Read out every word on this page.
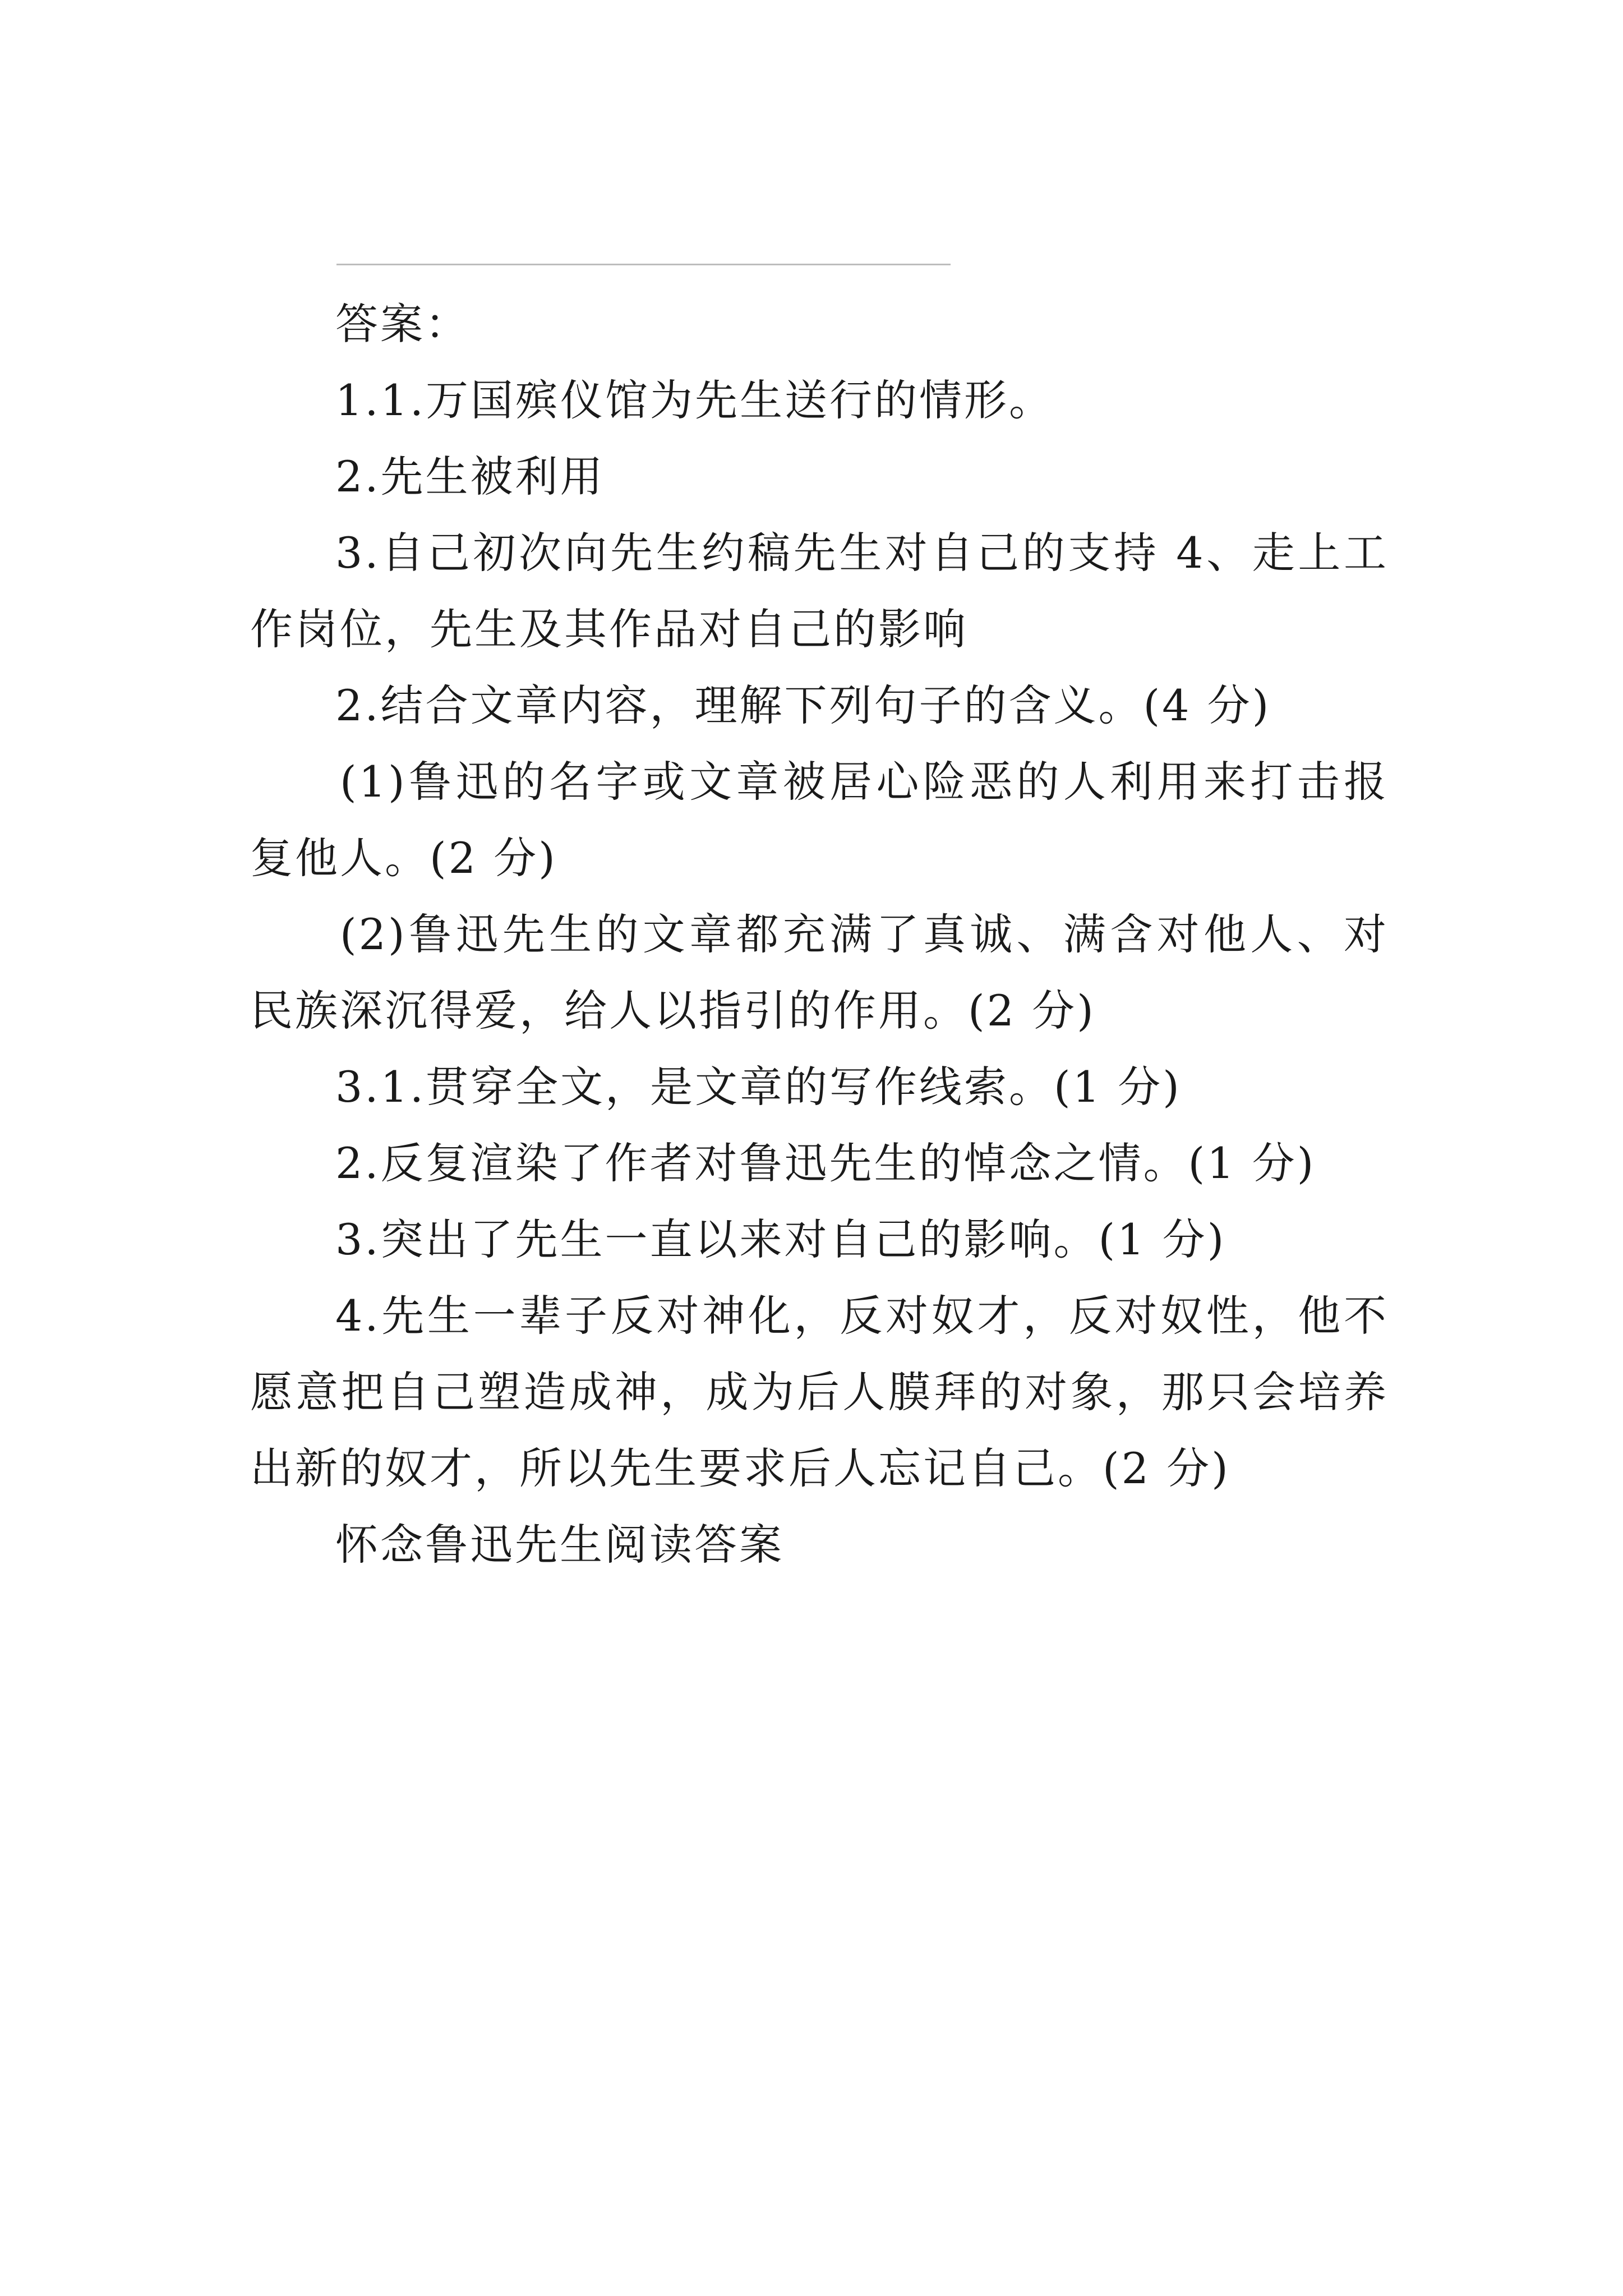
答案：

1.1.万国殡仪馆为先生送行的情形。

2.先生被利用

3.自己初次向先生约稿先生对自己的支持 4、走上工作岗位，先生及其作品对自己的影响

2.结合文章内容，理解下列句子的含义。(4 分)

(1)鲁迅的名字或文章被居心险恶的人利用来打击报复他人。(2 分)

(2)鲁迅先生的文章都充满了真诚、满含对他人、对民族深沉得爱，给人以指引的作用。(2 分)

3.1.贯穿全文，是文章的写作线索。(1 分)

2.反复渲染了作者对鲁迅先生的悼念之情。(1 分)

3.突出了先生一直以来对自己的影响。(1 分)

4.先生一辈子反对神化，反对奴才，反对奴性，他不愿意把自己塑造成神，成为后人膜拜的对象，那只会培养出新的奴才，所以先生要求后人忘记自己。(2 分)

怀念鲁迅先生阅读答案
